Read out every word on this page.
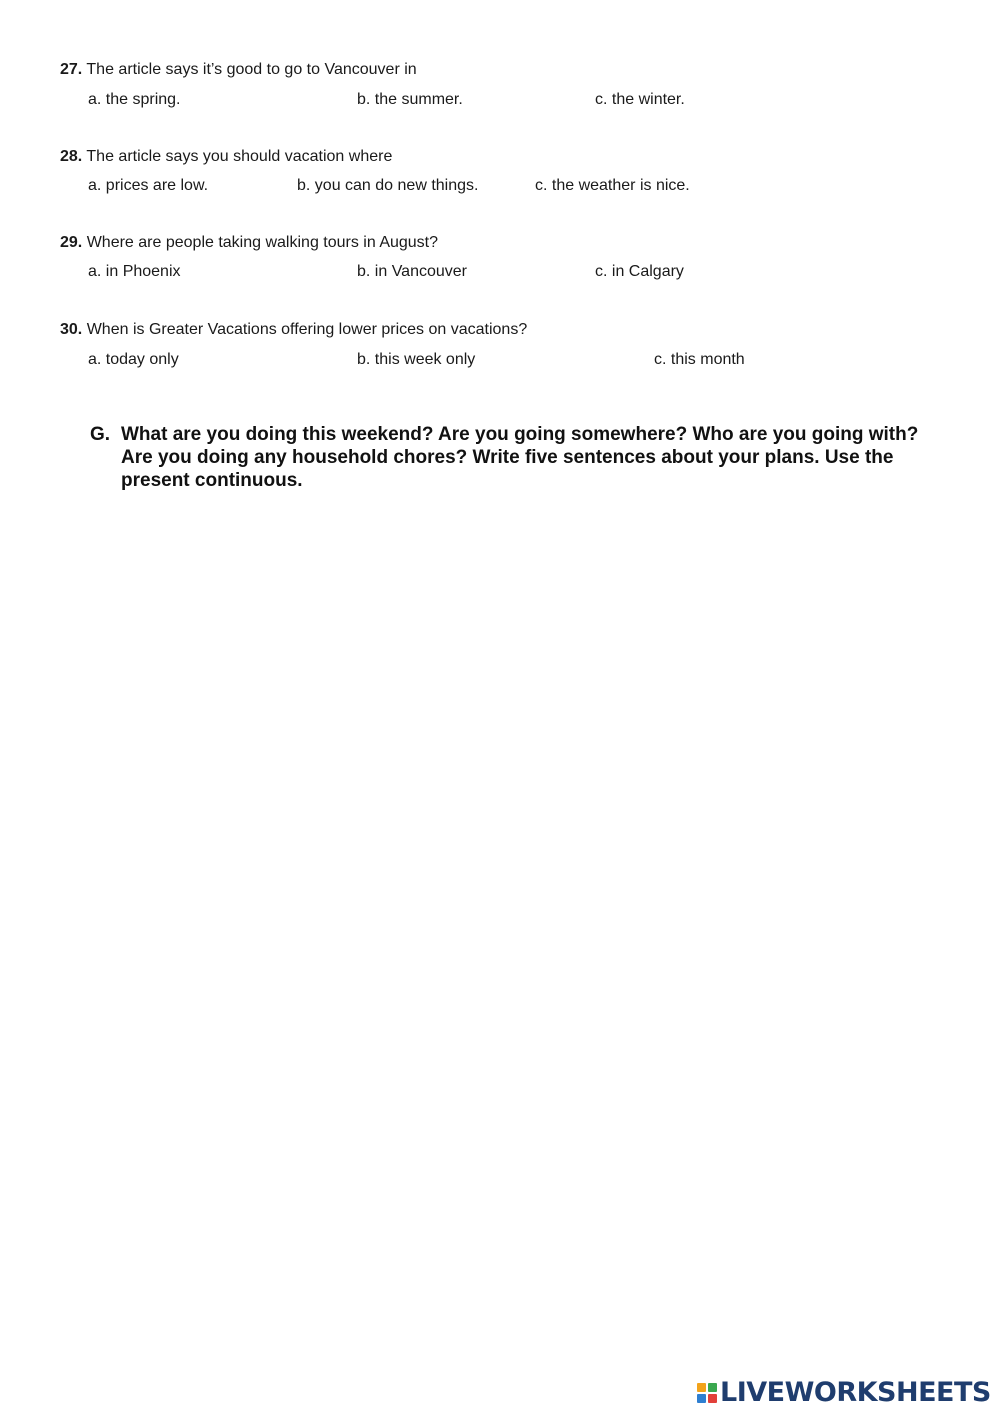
27. The article says it’s good to go to Vancouver in
a. the spring.	b. the summer.	c. the winter.
28. The article says you should vacation where
a. prices are low.	b. you can do new things.	c. the weather is nice.
29. Where are people taking walking tours in August?
a. in Phoenix	b. in Vancouver	c. in Calgary
30. When is Greater Vacations offering lower prices on vacations?
a. today only	b. this week only	c. this month
G. What are you doing this weekend? Are you going somewhere? Who are you going with? Are you doing any household chores? Write five sentences about your plans. Use the present continuous.
LIVEWORKSHEETS
